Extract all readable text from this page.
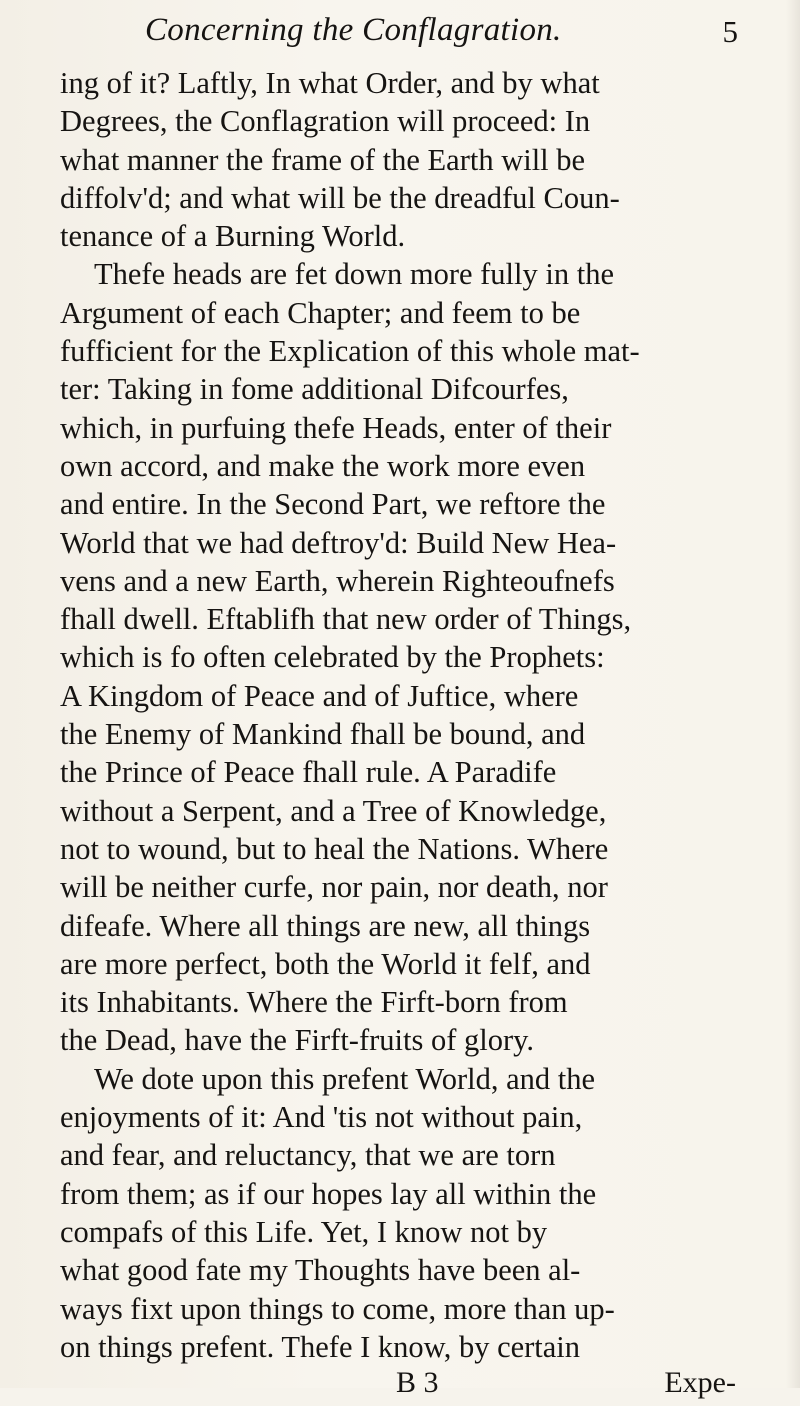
Concerning the Conflagration.	5
ing of it? Laftly, In what Order, and by what
Degrees, the Conflagration will proceed: In
what manner the frame of the Earth will be
diffolv'd; and what will be the dreadful Coun-
tenance of a Burning World.
Thefe heads are fet down more fully in the
Argument of each Chapter; and feem to be
fufficient for the Explication of this whole mat-
ter: Taking in fome additional Difcourfes,
which, in purfuing thefe Heads, enter of their
own accord, and make the work more even
and entire. In the Second Part, we reftore the
World that we had deftroy'd: Build New Hea-
vens and a new Earth, wherein Righteoufnefs
fhall dwell. Eftablifh that new order of Things,
which is fo often celebrated by the Prophets:
A Kingdom of Peace and of Juftice, where
the Enemy of Mankind fhall be bound, and
the Prince of Peace fhall rule. A Paradife
without a Serpent, and a Tree of Knowledge,
not to wound, but to heal the Nations. Where
will be neither curfe, nor pain, nor death, nor
difeafe. Where all things are new, all things
are more perfect, both the World it felf, and
its Inhabitants. Where the Firft-born from
the Dead, have the Firft-fruits of glory.
We dote upon this prefent World, and the
enjoyments of it: And 'tis not without pain,
and fear, and reluctancy, that we are torn
from them; as if our hopes lay all within the
compafs of this Life. Yet, I know not by
what good fate my Thoughts have been al-
ways fixt upon things to come, more than up-
on things prefent. Thefe I know, by certain
B 3	Expe-
